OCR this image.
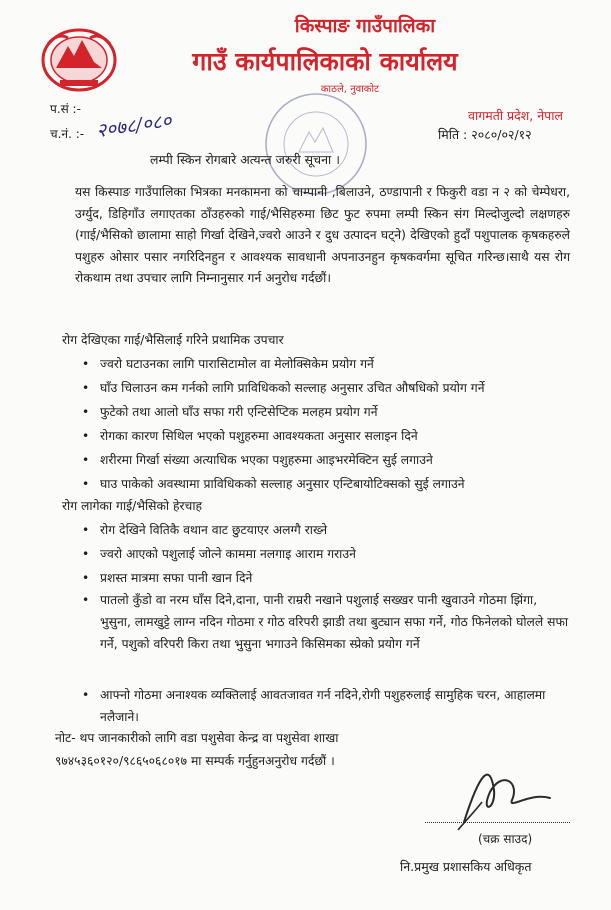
किस्पाङ गाउँपालिका
गाउँ कार्यपालिकाको कार्यालय
काठले, नुवाकोट
प.सं :-
च.नं. :- २०७८/०८०	वागमती प्रदेश, नेपाल
मिति : २०८०/०२/१२
लम्पी स्किन रोगबारे अत्यन्त जरुरी सूचना ।
यस किस्पाङ गाउँपालिका भित्रका मनकामना को चाम्पानी ,बिलाउने, ठण्डापानी र फिकुरी वडा न २ को चेम्पेधरा, उर्ग्युद, डिहिगाँउ लगाएतका ठाँउहरुको गाई/भैसिहरुमा छिट फुट रुपमा लम्पी स्किन संग मिल्दोजुल्दो लक्षणहरु (गाई/भैसिको छालामा साहो गिर्खा देखिने,ज्वरो आउने र दुध उत्पादन घट्ने) देखिएको हुदाँ पशुपालक कृषकहरुले पशुहरु ओसार पसार नगरिदिनहुन र आवश्यक सावधानी अपनाउनहुन कृषकवर्गमा सूचित गरिन्छ।साथै यस रोग रोकथाम तथा उपचार लागि निम्नानुसार गर्न अनुरोध गर्दछौं।
रोग देखिएका गाई/भैसिलाई गरिने प्रथामिक उपचार
• ज्वरो घटाउनका लागि पारासिटामोल वा मेलोक्सिकेम प्रयोग गर्ने
• घाँउ चिलाउन कम गर्नको लागि प्राविधिकको सल्लाह अनुसार उचित औषधिको प्रयोग गर्ने
• फुटेको तथा आलो घाँउ सफा गरी एन्टिसेप्टिक मलहम प्रयोग गर्ने
• रोगका कारण सिथिल भएको पशुहरुमा आवश्यकता अनुसार सलाइन दिने
• शरीरमा गिर्खा संख्या अत्याधिक भएका पशुहरुमा आइभरमेक्टिन सुई लगाउने
• घाउ पाकेको अवस्थामा प्राविधिकको सल्लाह अनुसार एन्टिबायोटिक्सको सुई लगाउने
रोग लागेका गाई/भैसिको हेरचाह
• रोग देखिने वितिकै वथान वाट छुटयाएर अलग्गै राख्ने
• ज्वरो आएको पशुलाई जोत्ने काममा नलगाइ आराम गराउने
• प्रशस्त मात्रमा सफा पानी खान दिने
• पातलो कुँडो वा नरम घाँस दिने,दाना, पानी राम्ररी नखाने पशुलाई सख्खर पानी खुवाउने गोठमा झिंगा, भुसुना, लामखुट्टे लाग्न नदिन गोठमा र गोठ वरिपरी झाडी तथा बुट्यान सफा गर्ने, गोठ फिनेलको घोलले सफा गर्ने, पशुको वरिपरी किरा तथा भुसुना भगाउने किसिमका स्प्रेको प्रयोग गर्ने
• आफ्नो गोठमा अनाश्यक व्यक्तिलाई आवतजावत गर्न नदिने,रोगी पशुहरुलाई सामुहिक चरन, आहालमा नलैजाने।
नोट- थप जानकारीको लागि वडा पशुसेवा केन्द्र वा पशुसेवा शाखा
९७४५३६०१२०/९८६५०६८०१७ मा सम्पर्क गर्नुहुनअनुरोध गर्दछौं ।
(चक्र साउद)
नि.प्रमुख प्रशासकिय अधिकृत
